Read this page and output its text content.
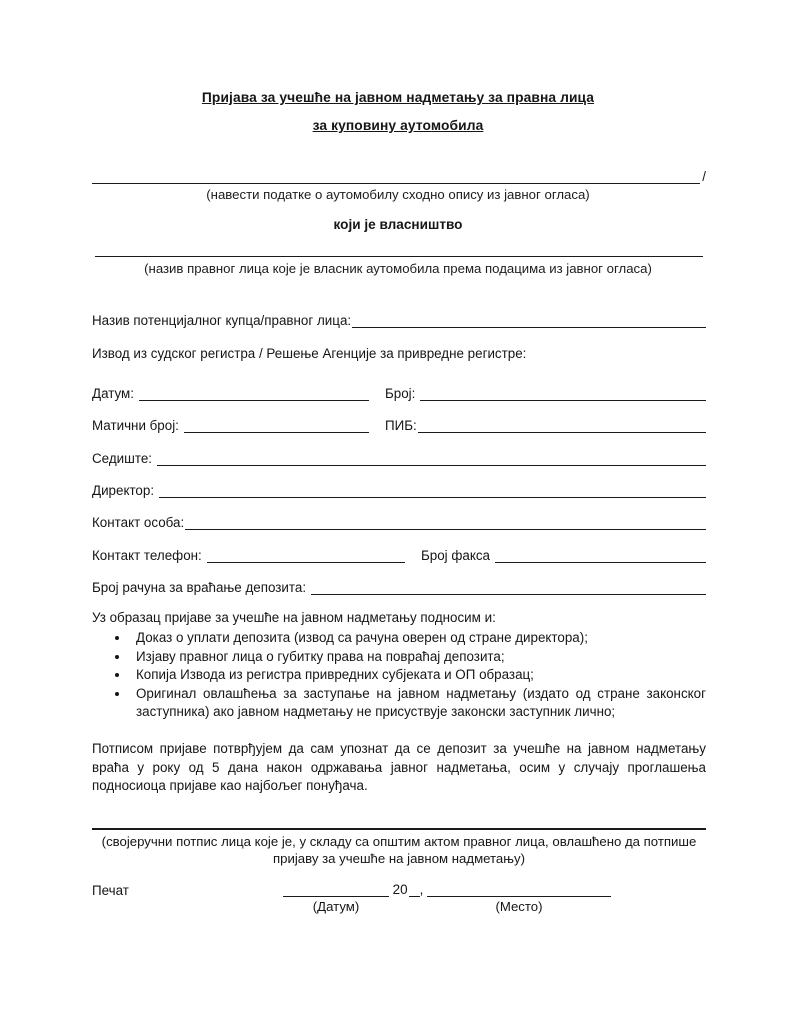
Пријава за учешће на јавном надметању за правна лица
за куповину аутомобила
/
(навести податке о аутомобилу сходно опису из јавног огласа)
који је власништво
(назив правног лица које је власник аутомобила према подацима из јавног огласа)
Назив потенцијалног купца/правног лица:
Извод из судског регистра / Решење Агенције за привредне регистре:
Датум:	Број:
Матични број:	ПИБ:
Седиште:
Директор:
Контакт особа:
Контакт телефон:	Број факса
Број рачуна за враћање депозита:
Уз образац пријаве за учешће на јавном надметању подносим и:
• Доказ о уплати депозита (извод са рачуна оверен од стране директора);
• Изјаву правног лица о губитку права на повраћај депозита;
• Копија Извода из регистра привредних субјеката и ОП образац;
• Оригинал овлашћења за заступање на јавном надметању (издато од стране законског заступника) ако јавном надметању не присуствује законски заступник лично;
Потписом пријаве потврђујем да сам упознат да се депозит за учешће на јавном надметању враћа у року од 5 дана након одржавања јавног надметања, осим у случају проглашења подносиоца пријаве као најбољег понуђача.
(својеручни потпис лица које је, у складу са општим актом правног лица, овлашћено да потпише пријаву за учешће на јавном надметању)
Печат	20 ,
(Датум)	(Место)
